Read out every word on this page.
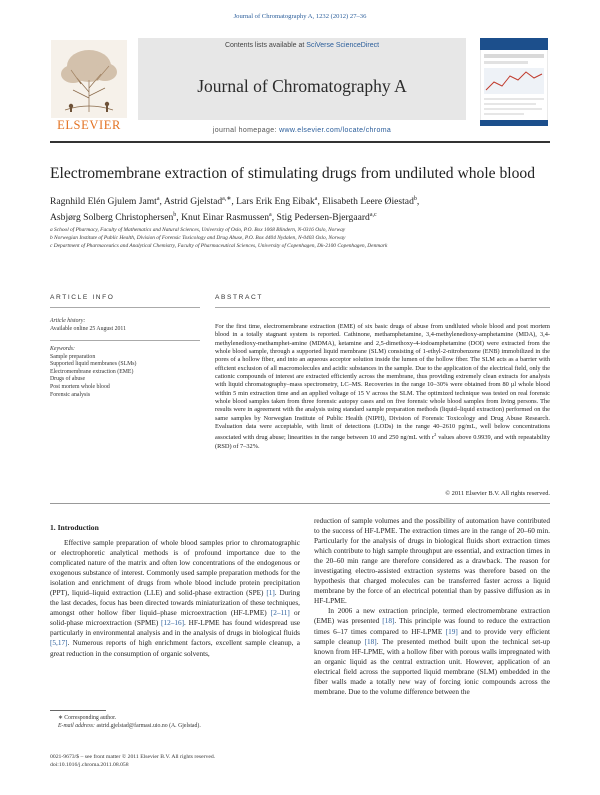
Journal of Chromatography A, 1232 (2012) 27–36
ELSEVIER
Contents lists available at SciVerse ScienceDirect
Journal of Chromatography A
journal homepage: www.elsevier.com/locate/chroma
Electromembrane extraction of stimulating drugs from undiluted whole blood
Ragnhild Elén Gjulem Jamt$^a$, Astrid Gjelstad$^{a,∗}$, Lars Erik Eng Eibak$^a$, Elisabeth Leere Øiestad$^b$,
Asbjørg Solberg Christophersen$^b$, Knut Einar Rasmussen$^a$, Stig Pedersen-Bjergaard$^{a,c}$
a School of Pharmacy, Faculty of Mathematics and Natural Sciences, University of Oslo, P.O. Box 1068 Blindern, N-0316 Oslo, Norway
b Norwegian Institute of Public Health, Division of Forensic Toxicology and Drug Abuse, P.O. Box 4404 Nydalen, N-0403 Oslo, Norway
c Department of Pharmaceutics and Analytical Chemistry, Faculty of Pharmaceutical Sciences, University of Copenhagen, Dk-2100 Copenhagen, Denmark
ARTICLE INFO	ABSTRACT
Article history:
Available online 25 August 2011
Keywords:
Sample preparation
Supported liquid membranes (SLMs)
Electromembrane extraction (EME)
Drugs of abuse
Post mortem whole blood
Forensic analysis
For the first time, electromembrane extraction (EME) of six basic drugs of abuse from undiluted whole blood and post mortem blood in a totally stagnant system is reported. Cathinone, methamphetamine, 3,4-methylenedioxy-amphetamine (MDA), 3,4-methylenedioxy-methamphet-amine (MDMA), ketamine and 2,5-dimethoxy-4-iodoamphetamine (DOI) were extracted from the whole blood sample, through a supported liquid membrane (SLM) consisting of 1-ethyl-2-nitrobenzene (ENB) immobilized in the pores of a hollow fiber, and into an aqueous acceptor solution inside the lumen of the hollow fiber. The SLM acts as a barrier with efficient exclusion of all macromolecules and acidic substances in the sample. Due to the application of the electrical field, only the cationic compounds of interest are extracted efficiently across the membrane, thus providing extremely clean extracts for analysis with liquid chromatography–mass spectrometry, LC–MS. Recoveries in the range 10–30% were obtained from 80 µl whole blood within 5 min extraction time and an applied voltage of 15 V across the SLM. The optimized technique was tested on real forensic whole blood samples taken from three forensic autopsy cases and on five forensic whole blood samples from living persons. The results were in agreement with the analysis using standard sample preparation methods (liquid–liquid extraction) performed on the same samples by Norwegian Institute of Public Health (NIPH), Division of Forensic Toxicology and Drug Abuse Research. Evaluation data were acceptable, with limit of detections (LODs) in the range 40–2610 pg/mL, well below concentrations associated with drug abuse; linearities in the range between 10 and 250 ng/mL with $r^2$ values above 0.9939, and with repeatability (RSD) of 7–32%.
© 2011 Elsevier B.V. All rights reserved.
1. Introduction

Effective sample preparation of whole blood samples prior to chromatographic or electrophoretic analytical methods is of profound importance due to the complicated nature of the matrix and often low concentrations of the endogenous or exogenous substance of interest. Commonly used sample preparation methods for the isolation and enrichment of drugs from whole blood include protein precipitation (PPT), liquid–liquid extraction (LLE) and solid-phase extraction (SPE) [1]. During the last decades, focus has been directed towards miniaturization of these techniques, amongst other hollow fiber liquid–phase microextraction (HF-LPME) [2–11] or solid-phase microextraction (SPME) [12–16]. HF-LPME has found widespread use particularly in environmental analysis and in the analysis of drugs in biological fluids [5,17]. Numerous reports of high enrichment factors, excellent sample cleanup, a great reduction in the consumption of organic solvents,

reduction of sample volumes and the possibility of automation have contributed to the success of HF-LPME. The extraction times are in the range of 20–60 min. Particularly for the analysis of drugs in biological fluids short extraction times which contribute to high sample throughput are essential, and extraction times in the 20–60 min range are therefore considered as a drawback. The reason for investigating electro-assisted extraction systems was therefore based on the hypothesis that charged molecules can be transferred faster across a liquid membrane by the force of an electrical potential than by passive diffusion as in HF-LPME.

In 2006 a new extraction principle, termed electromembrane extraction (EME) was presented [18]. This principle was found to reduce the extraction times 6–17 times compared to HF-LPME [19] and to provide very efficient sample cleanup [18]. The presented method built upon the technical set-up known from HF-LPME, with a hollow fiber with porous walls impregnated with an organic liquid as the central extraction unit. However, application of an electrical field across the supported liquid membrane (SLM) embedded in the fiber walls made a totally new way of forcing ionic compounds across the membrane. Due to the volume difference between the

∗ Corresponding author.
E-mail address: astrid.gjelstad@farmasi.uio.no (A. Gjelstad).
0021-9673/$ – see front matter © 2011 Elsevier B.V. All rights reserved.
doi:10.1016/j.chroma.2011.08.058
